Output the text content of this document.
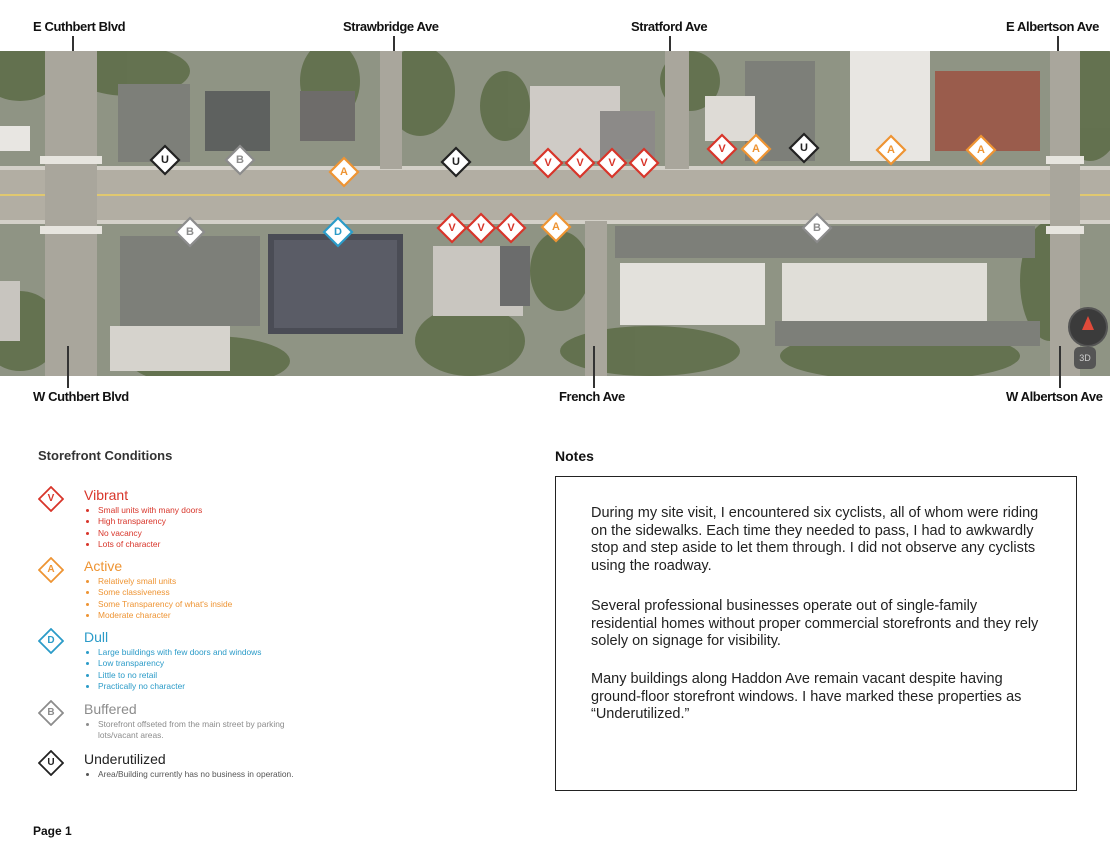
E Cuthbert Blvd	Strawbridge Ave	Stratford Ave	E Albertson Ave
U	B
A
U	V	V	V	V
V	A	U	A	A
B	D	V	V	V	A	B
3D
W Cuthbert Blvd	French Ave	W Albertson Ave
Storefront Conditions
V	Vibrant
• Small units with many doors
• High transparency
• No vacancy
• Lots of character
A	Active
• Relatively small units
• Some classiveness
• Some Transparency of what's inside
• Moderate character
D	Dull
• Large buildings with few doors and windows
• Low transparency
• Little to no retail
• Practically no character
B	Buffered
• Storefront offseted from the main street by parking lots/vacant areas.
U	Underutilized
• Area/Building currently has no business in operation.
Notes

During my site visit, I encountered six cyclists, all of whom were riding on the sidewalks. Each time they needed to pass, I had to awkwardly stop and step aside to let them through. I did not observe any cyclists using the roadway.

Several professional businesses operate out of single-family residential homes without proper commercial storefronts and they rely solely on signage for visibility.

Many buildings along Haddon Ave remain vacant despite having ground-floor storefront windows. I have marked these properties as “Underutilized.”

Page 1
